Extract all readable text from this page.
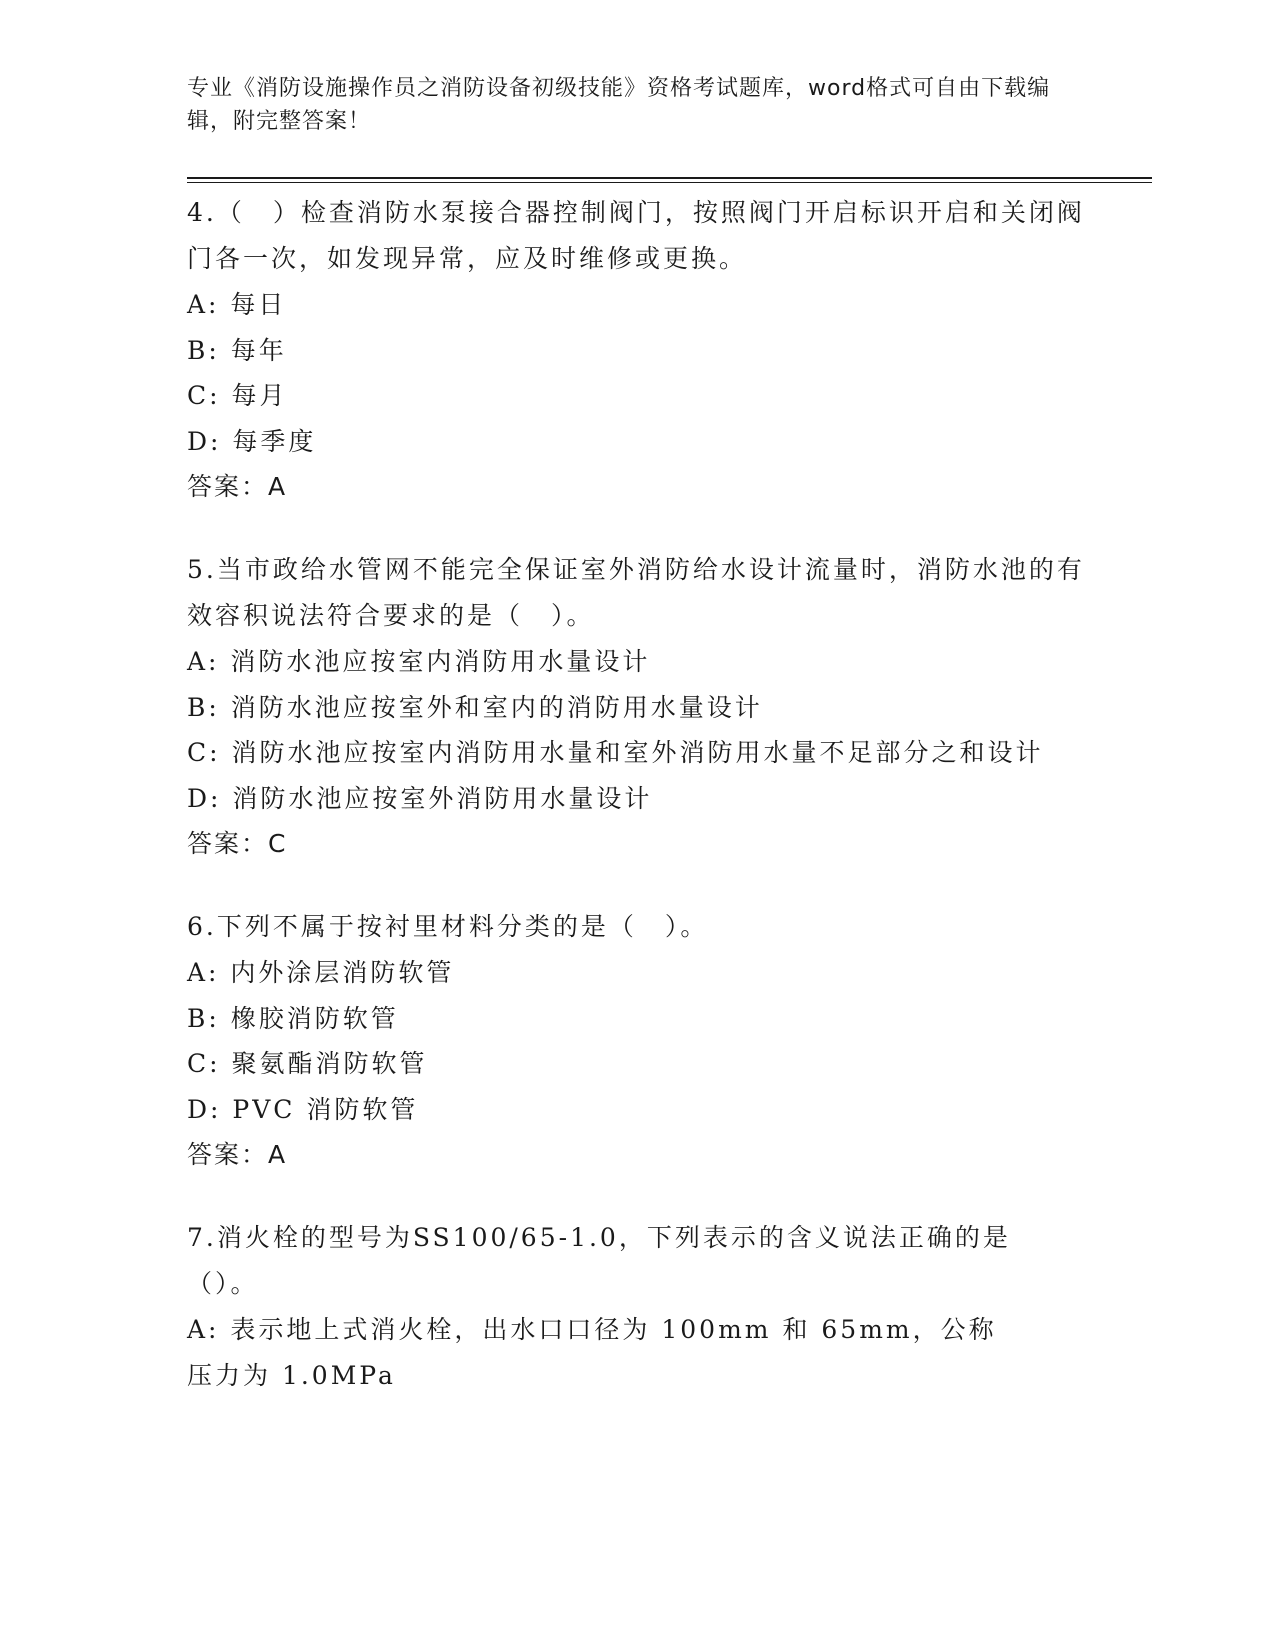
专业《消防设施操作员之消防设备初级技能》资格考试题库，word格式可自由下载编辑，附完整答案！

4.（　）检查消防水泵接合器控制阀门，按照阀门开启标识开启和关闭阀门各一次，如发现异常，应及时维修或更换。

A: 每日

B: 每年

C: 每月

D: 每季度

答案：A

5.当市政给水管网不能完全保证室外消防给水设计流量时，消防水池的有效容积说法符合要求的是（　）。

A: 消防水池应按室内消防用水量设计

B: 消防水池应按室外和室内的消防用水量设计

C: 消防水池应按室内消防用水量和室外消防用水量不足部分之和设计

D: 消防水池应按室外消防用水量设计

答案：C

6.下列不属于按衬里材料分类的是（　）。

A: 内外涂层消防软管

B: 橡胶消防软管

C: 聚氨酯消防软管

D: PVC 消防软管

答案：A

7.消火栓的型号为SS100/65-1.0，下列表示的含义说法正确的是（）。

A: 表示地上式消火栓，出水口口径为 100mm 和 65mm，公称压力为 1.0MPa
